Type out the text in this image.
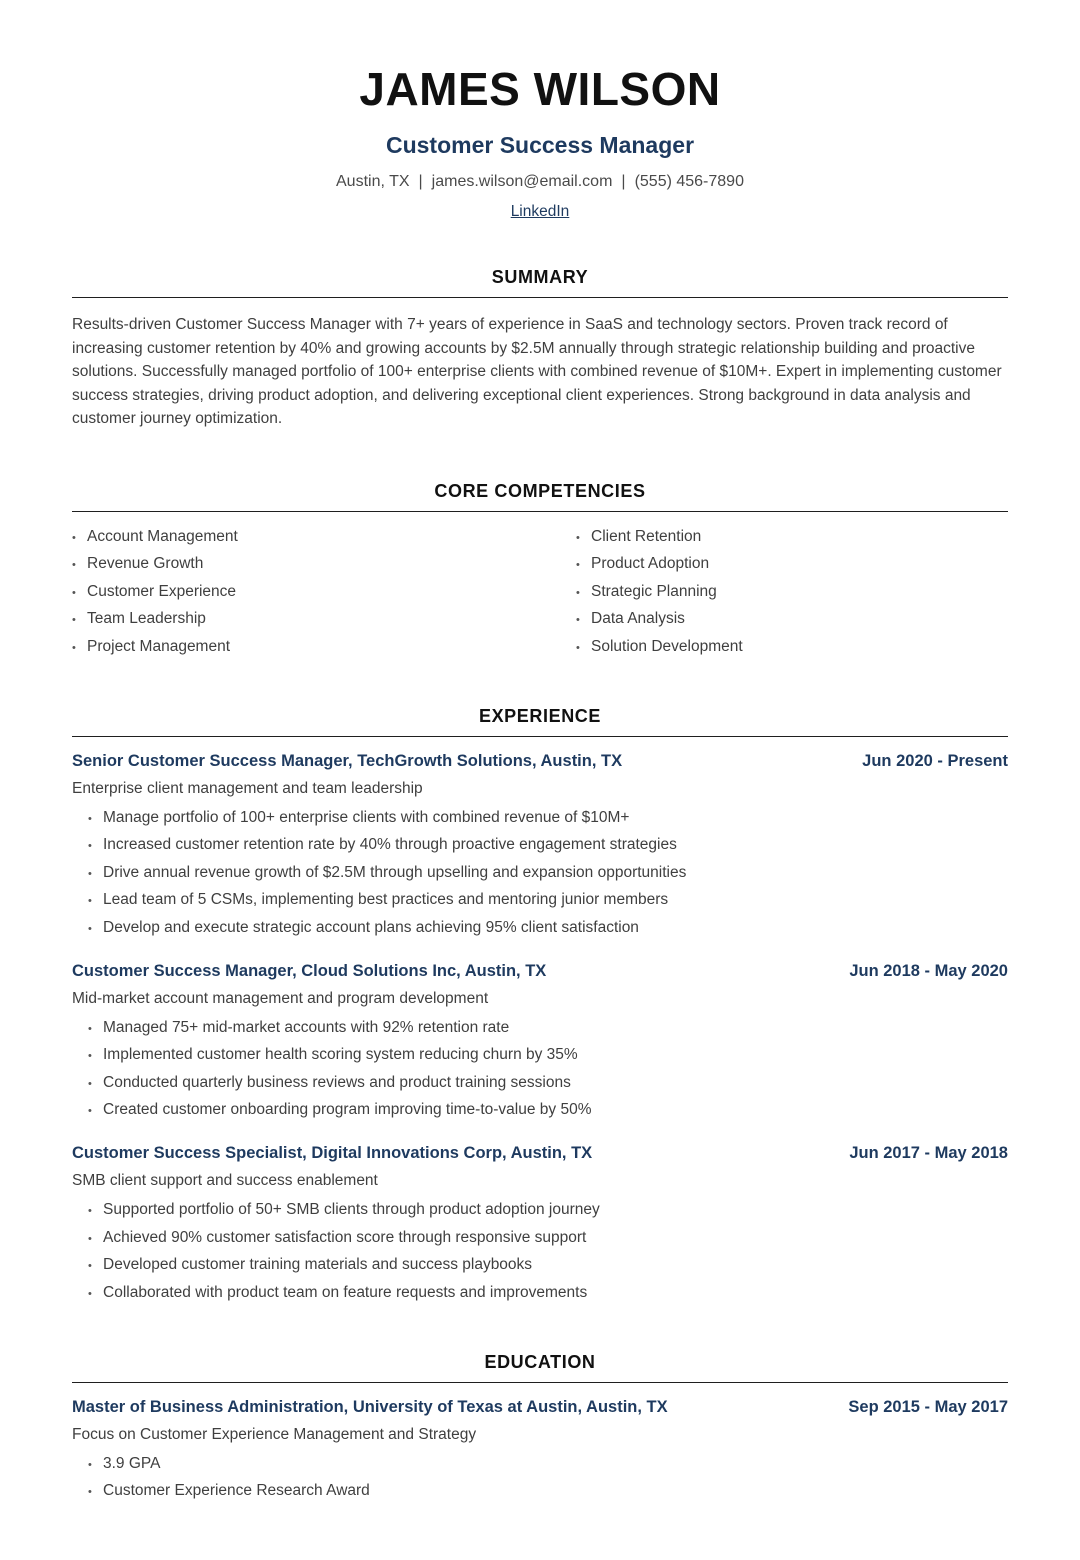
JAMES WILSON
Customer Success Manager
Austin, TX | james.wilson@email.com | (555) 456-7890
LinkedIn
SUMMARY

Results-driven Customer Success Manager with 7+ years of experience in SaaS and technology sectors. Proven track record of increasing customer retention by 40% and growing accounts by $2.5M annually through strategic relationship building and proactive solutions. Successfully managed portfolio of 100+ enterprise clients with combined revenue of $10M+. Expert in implementing customer success strategies, driving product adoption, and delivering exceptional client experiences. Strong background in data analysis and customer journey optimization.

CORE COMPETENCIES
• Account Management
• Revenue Growth
• Customer Experience
• Team Leadership
• Project Management
• Client Retention
• Product Adoption
• Strategic Planning
• Data Analysis
• Solution Development
EXPERIENCE
Senior Customer Success Manager, TechGrowth Solutions, Austin, TX	Jun 2020 - Present

Enterprise client management and team leadership

• Manage portfolio of 100+ enterprise clients with combined revenue of $10M+
• Increased customer retention rate by 40% through proactive engagement strategies
• Drive annual revenue growth of $2.5M through upselling and expansion opportunities
• Lead team of 5 CSMs, implementing best practices and mentoring junior members
• Develop and execute strategic account plans achieving 95% client satisfaction
Customer Success Manager, Cloud Solutions Inc, Austin, TX	Jun 2018 - May 2020

Mid-market account management and program development

• Managed 75+ mid-market accounts with 92% retention rate
• Implemented customer health scoring system reducing churn by 35%
• Conducted quarterly business reviews and product training sessions
• Created customer onboarding program improving time-to-value by 50%
Customer Success Specialist, Digital Innovations Corp, Austin, TX	Jun 2017 - May 2018

SMB client support and success enablement

• Supported portfolio of 50+ SMB clients through product adoption journey
• Achieved 90% customer satisfaction score through responsive support
• Developed customer training materials and success playbooks
• Collaborated with product team on feature requests and improvements
EDUCATION
Master of Business Administration, University of Texas at Austin, Austin, TX	Sep 2015 - May 2017

Focus on Customer Experience Management and Strategy

• 3.9 GPA
• Customer Experience Research Award
